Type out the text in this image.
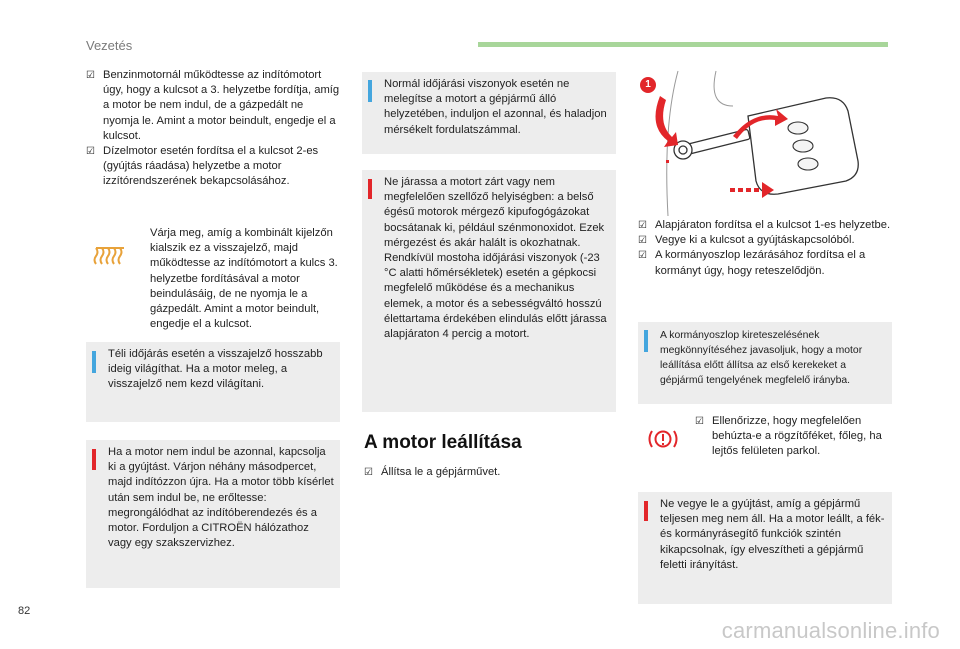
Vezetés
☑ Benzinmotornál működtesse az indítómotort úgy, hogy a kulcsot a 3. helyzetbe fordítja, amíg a motor be nem indul, de a gázpedált ne nyomja le. Amint a motor beindult, engedje el a kulcsot.

☑ Dízelmotor esetén fordítsa el a kulcsot 2-es (gyújtás ráadása) helyzetbe a motor izzítórendszerének bekapcsolásához.

Várja meg, amíg a kombinált kijelzőn kialszik ez a visszajelző, majd működtesse az indítómotort a kulcs 3. helyzetbe fordításával a motor beindulásáig, de ne nyomja le a gázpedált. Amint a motor beindult, engedje el a kulcsot.
Téli időjárás esetén a visszajelző hosszabb ideig világíthat. Ha a motor meleg, a visszajelző nem kezd világítani.
Ha a motor nem indul be azonnal, kapcsolja ki a gyújtást. Várjon néhány másodpercet, majd indítózzon újra. Ha a motor több kísérlet után sem indul be, ne erőltesse: megrongálódhat az indítóberendezés és a motor. Forduljon a CITROËN hálózathoz vagy egy szakszervizhez.
Normál időjárási viszonyok esetén ne melegítse a motort a gépjármű álló helyzetében, induljon el azonnal, és haladjon mérsékelt fordulatszámmal.
Ne járassa a motort zárt vagy nem megfelelően szellőző helyiségben: a belső égésű motorok mérgező kipufogógázokat bocsátanak ki, például szénmonoxidot. Ezek mérgezést és akár halált is okozhatnak.
Rendkívül mostoha időjárási viszonyok (-23 °C alatti hőmérsékletek) esetén a gépkocsi megfelelő működése és a mechanikus elemek, a motor és a sebességváltó hosszú élettartama érdekében elindulás előtt járassa alapjáraton 4 percig a motort.
A motor leállítása
☑ Állítsa le a gépjárművet.

1
☑ Alapjáraton fordítsa el a kulcsot 1-es helyzetbe.

☑ Vegye ki a kulcsot a gyújtáskapcsolóból.

☑ A kormányoszlop lezárásához fordítsa el a kormányt úgy, hogy reteszelődjön.

A kormányoszlop kireteszelésének megkönnyítéséhez javasoljuk, hogy a motor leállítása előtt állítsa az első kerekeket a gépjármű tengelyének megfelelő irányba.
☑ Ellenőrizze, hogy megfelelően behúzta-e a rögzítőféket, főleg, ha lejtős felületen parkol.

Ne vegye le a gyújtást, amíg a gépjármű teljesen meg nem áll. Ha a motor leállt, a fék- és kormányrásegítő funkciók szintén kikapcsolnak, így elveszítheti a gépjármű feletti irányítást.
82
carmanualsonline.info
